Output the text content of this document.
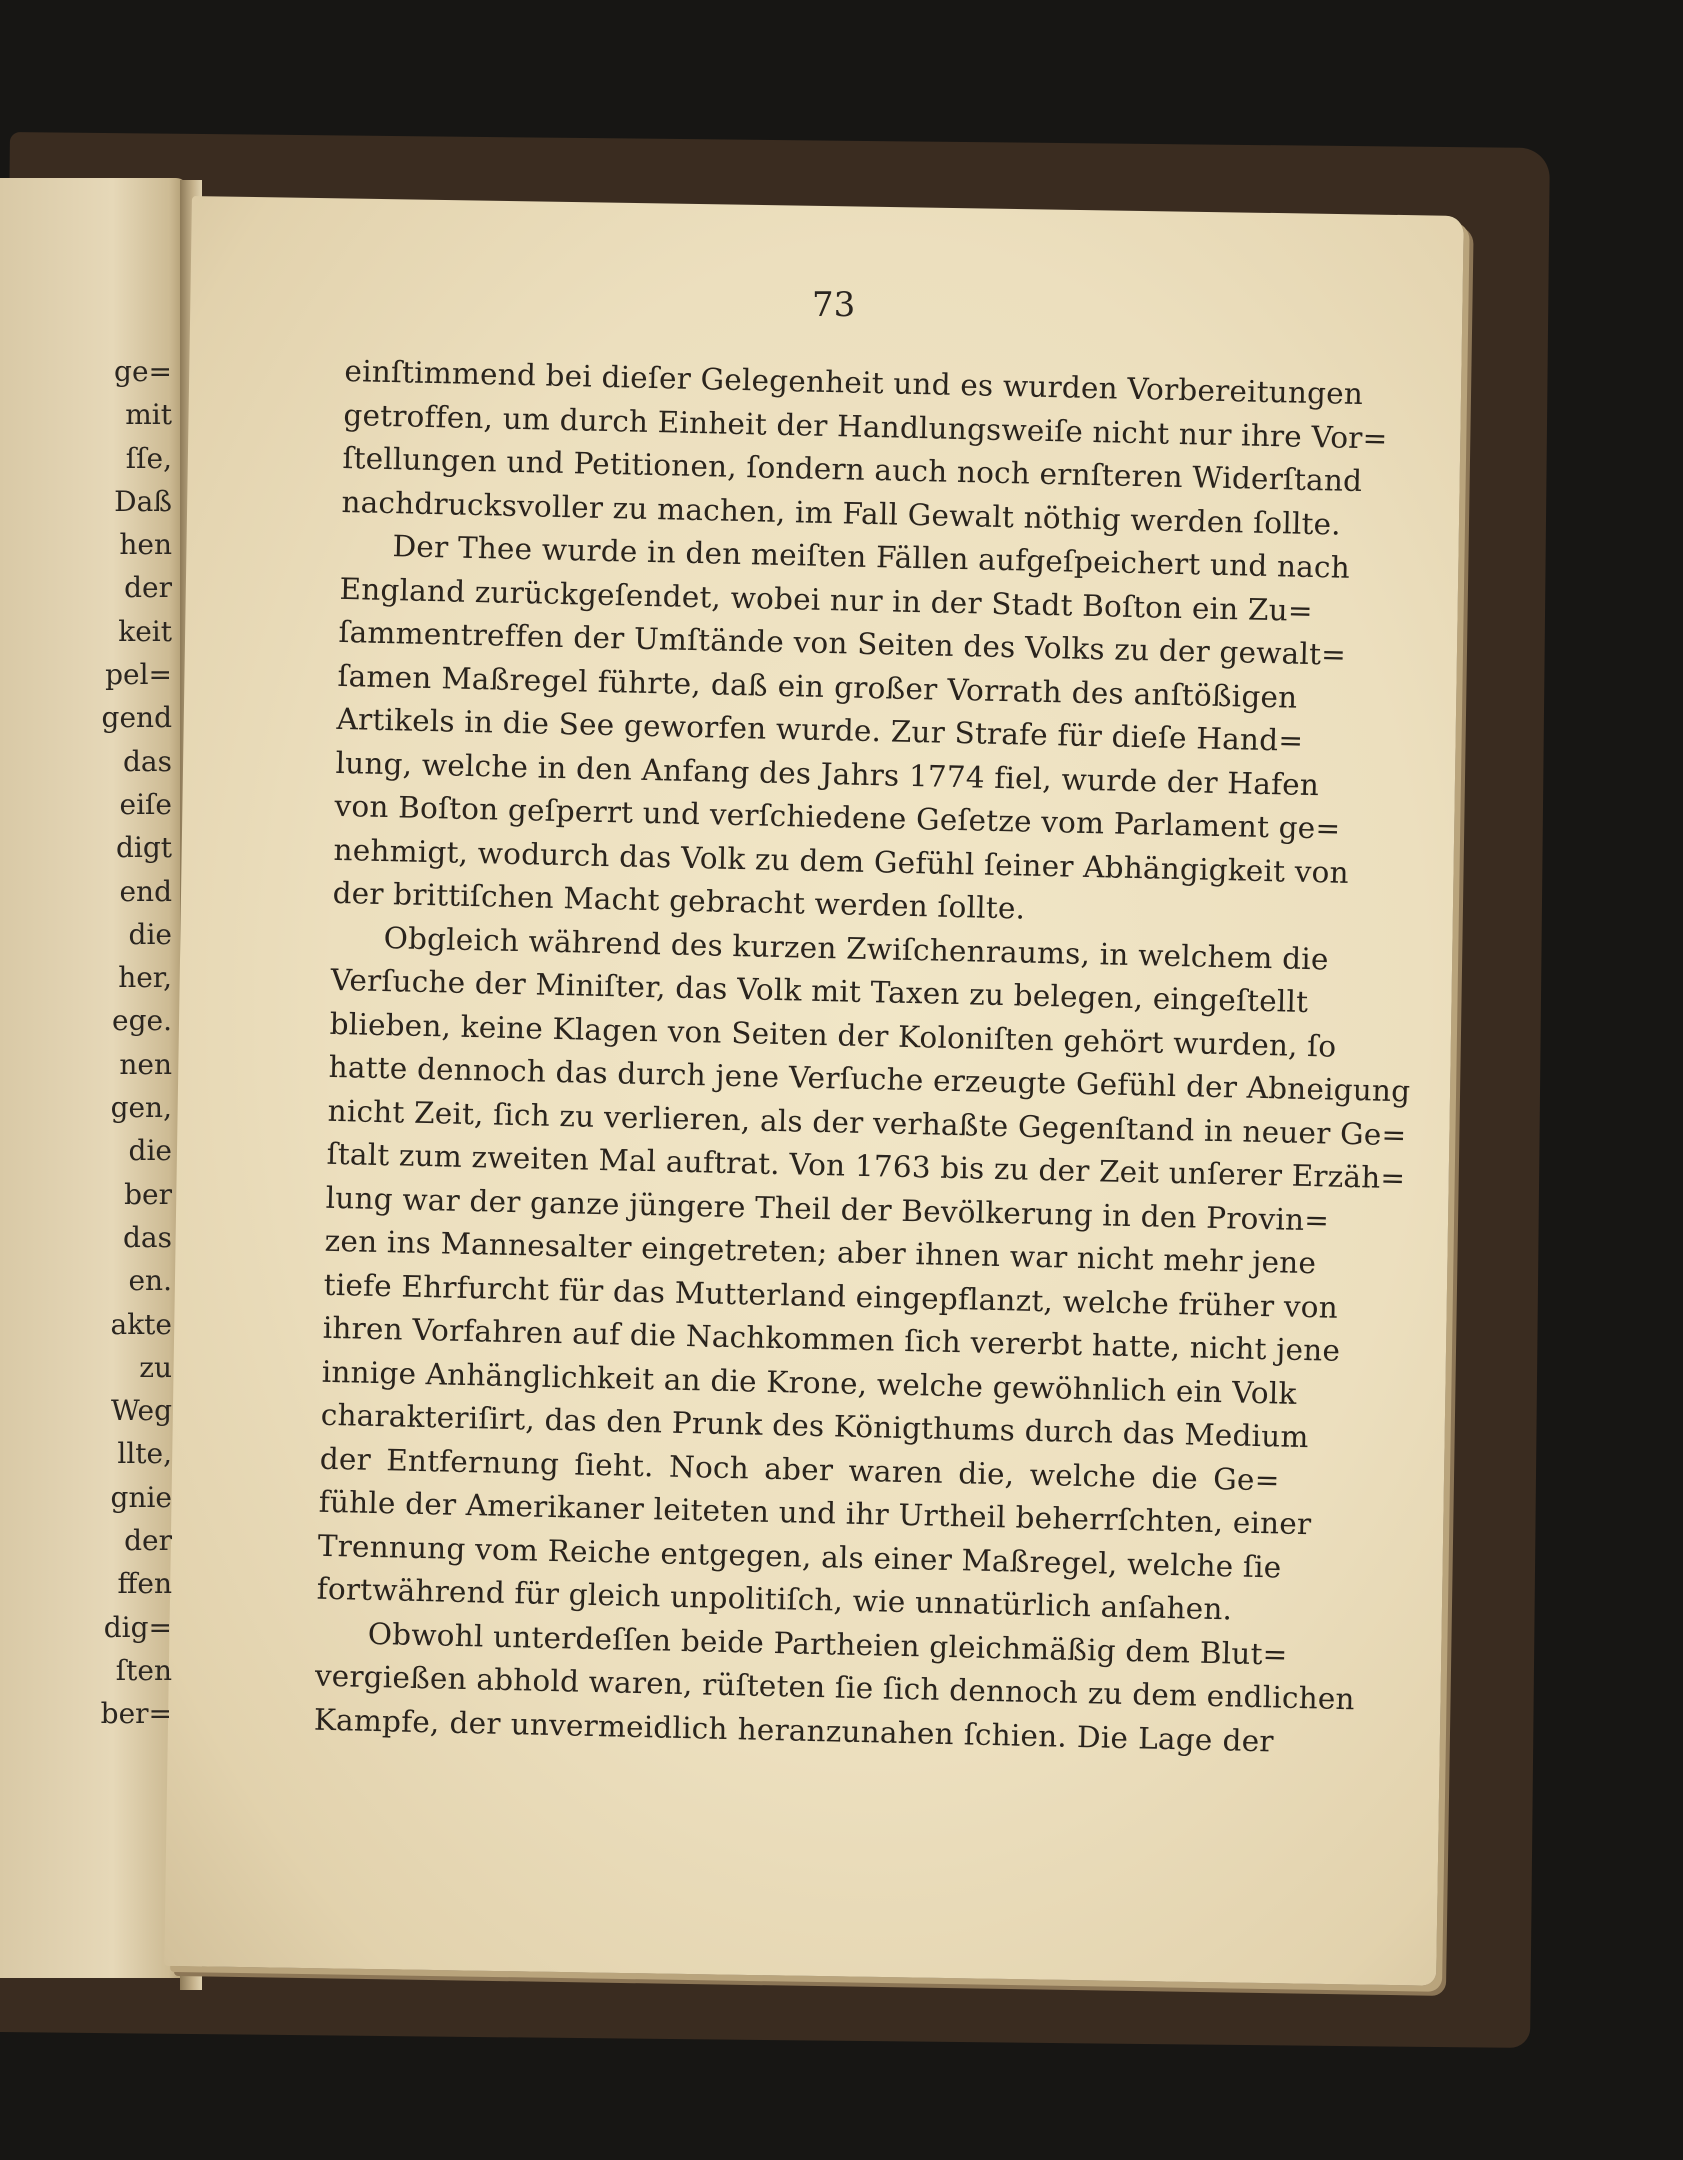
ge=
mit
ſſe,
Daß
hen
der
keit
pel=
gend
das
eiſe
digt
end
die
her,
ege.
nen
gen,
die
ber
das
en.
akte
zu
Weg
llte,
gnie
der
ffen
dig=
ſten
ber=
73
einſtimmend bei dieſer Gelegenheit und es wurden Vorbereitungen
getroffen, um durch Einheit der Handlungsweiſe nicht nur ihre Vor=
ſtellungen und Petitionen, ſondern auch noch ernſteren Widerſtand
nachdrucksvoller zu machen, im Fall Gewalt nöthig werden ſollte.
Der Thee wurde in den meiſten Fällen aufgeſpeichert und nach
England zurückgeſendet, wobei nur in der Stadt Boſton ein Zu=
ſammentreffen der Umſtände von Seiten des Volks zu der gewalt=
ſamen Maßregel führte, daß ein großer Vorrath des anſtößigen
Artikels in die See geworfen wurde. Zur Strafe für dieſe Hand=
lung, welche in den Anfang des Jahrs 1774 fiel, wurde der Hafen
von Boſton geſperrt und verſchiedene Geſetze vom Parlament ge=
nehmigt, wodurch das Volk zu dem Gefühl ſeiner Abhängigkeit von
der brittiſchen Macht gebracht werden ſollte.
Obgleich während des kurzen Zwiſchenraums, in welchem die
Verſuche der Miniſter, das Volk mit Taxen zu belegen, eingeſtellt
blieben, keine Klagen von Seiten der Koloniſten gehört wurden, ſo
hatte dennoch das durch jene Verſuche erzeugte Gefühl der Abneigung
nicht Zeit, ſich zu verlieren, als der verhaßte Gegenſtand in neuer Ge=
ſtalt zum zweiten Mal auftrat. Von 1763 bis zu der Zeit unſerer Erzäh=
lung war der ganze jüngere Theil der Bevölkerung in den Provin=
zen ins Mannesalter eingetreten; aber ihnen war nicht mehr jene
tiefe Ehrfurcht für das Mutterland eingepflanzt, welche früher von
ihren Vorfahren auf die Nachkommen ſich vererbt hatte, nicht jene
innige Anhänglichkeit an die Krone, welche gewöhnlich ein Volk
charakteriſirt, das den Prunk des Königthums durch das Medium
der Entfernung ſieht. Noch aber waren die, welche die Ge=
fühle der Amerikaner leiteten und ihr Urtheil beherrſchten, einer
Trennung vom Reiche entgegen, als einer Maßregel, welche ſie
fortwährend für gleich unpolitiſch, wie unnatürlich anſahen.
Obwohl unterdeſſen beide Partheien gleichmäßig dem Blut=
vergießen abhold waren, rüſteten ſie ſich dennoch zu dem endlichen
Kampfe, der unvermeidlich heranzunahen ſchien. Die Lage der
